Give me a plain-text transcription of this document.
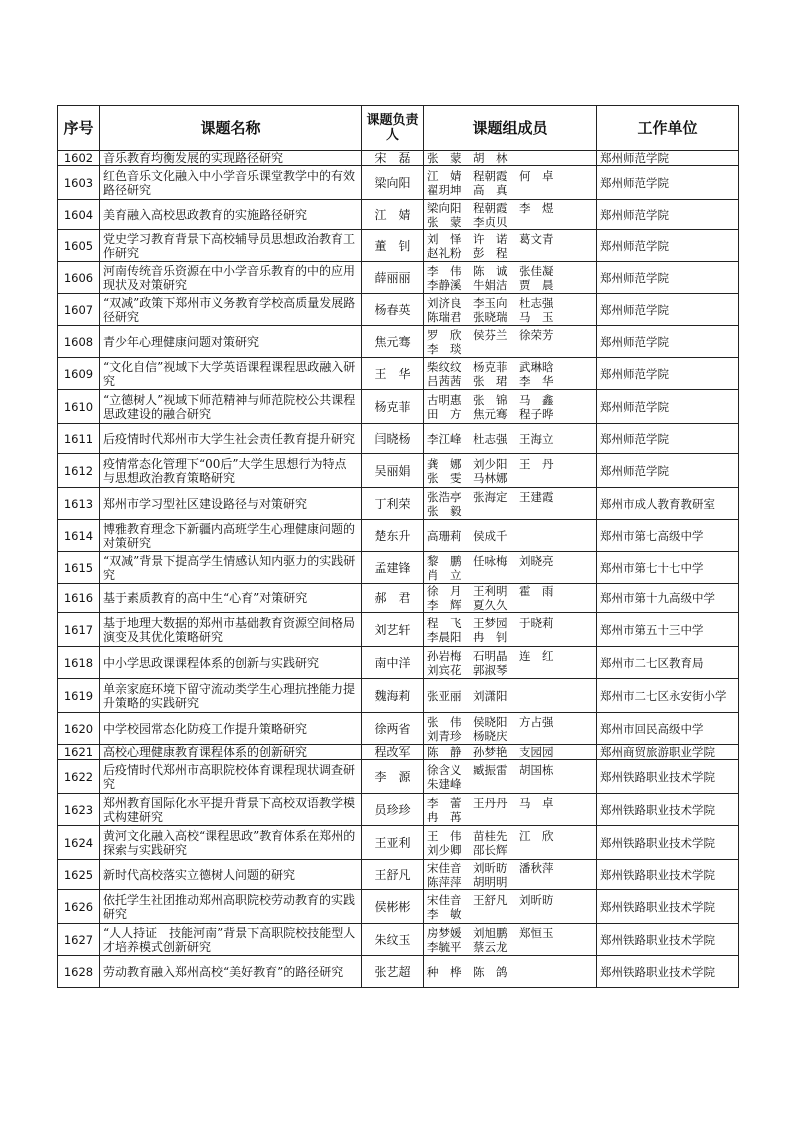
序号	课题名称	课题负责人	课题组成员	工作单位
1602	音乐教育均衡发展的实现路径研究	宋　磊	张　蒙　胡　林	郑州师范学院
1603	红色音乐文化融入中小学音乐课堂教学中的有效路径研究	梁向阳	江　婧　程朝霞　何　卓
翟玥坤　高　真	郑州师范学院
1604	美育融入高校思政教育的实施路径研究	江　婧	梁向阳　程朝霞　李　煜
张　蒙　李贞贝	郑州师范学院
1605	党史学习教育背景下高校辅导员思想政治教育工作研究	董　钊	刘　怿　许　诺　葛文青
赵礼粉　彭　程	郑州师范学院
1606	河南传统音乐资源在中小学音乐教育的中的应用现状及对策研究	薛丽丽	李　伟　陈　诚　张佳凝
李静溪　牛娟洁　贾　晨	郑州师范学院
1607	“双减”政策下郑州市义务教育学校高质量发展路径研究	杨春英	刘济良　李玉向　杜志强
陈瑞君　张晓瑞　马　玉	郑州师范学院
1608	青少年心理健康问题对策研究	焦元骞	罗　欣　侯芬兰　徐荣芳
李　琰	郑州师范学院
1609	“文化自信”视域下大学英语课程课程思政融入研究	王　华	柴纹纹　杨克菲　武琳晗
吕茜茜　张　珺　李　华	郑州师范学院
1610	“立德树人”视域下师范精神与师范院校公共课程思政建设的融合研究	杨克菲	古明惠　张　锦　马　鑫
田　方　焦元骞　程子晔	郑州师范学院
1611	后疫情时代郑州市大学生社会责任教育提升研究	闫晓杨	李江峰　杜志强　王海立	郑州师范学院
1612	疫情常态化管理下“00后”大学生思想行为特点与思想政治教育策略研究	吴丽娟	龚　娜　刘少阳　王　丹
张　雯　马林娜	郑州师范学院
1613	郑州市学习型社区建设路径与对策研究	丁利荣	张浩亭　张海定　王建霞
张　毅	郑州市成人教育教研室
1614	博雅教育理念下新疆内高班学生心理健康问题的对策研究	楚东升	高珊莉　侯成千	郑州市第七高级中学
1615	“双减”背景下提高学生情感认知内驱力的实践研究	孟建锋	黎　鹏　任咏梅　刘晓亮
肖　立	郑州市第七十七中学
1616	基于素质教育的高中生“心育”对策研究	郝　君	徐　月　王利明　霍　雨
李　辉　夏久久	郑州市第十九高级中学
1617	基于地理大数据的郑州市基础教育资源空间格局演变及其优化策略研究	刘艺轩	程　飞　王梦园　于晓莉
李晨阳　冉　钊	郑州市第五十三中学
1618	中小学思政课课程体系的创新与实践研究	南中洋	孙岩梅　石明晶　连　红
刘宾花　郭淑琴	郑州市二七区教育局
1619	单亲家庭环境下留守流动类学生心理抗挫能力提升策略的实践研究	魏海莉	张亚丽　刘潇阳	郑州市二七区永安街小学
1620	中学校园常态化防疫工作提升策略研究	徐两省	张　伟　侯晓阳　方占强
刘青珍　杨晓庆	郑州市回民高级中学
1621	高校心理健康教育课程体系的创新研究	程改军	陈　静　孙梦艳　支园园	郑州商贸旅游职业学院
1622	后疫情时代郑州市高职院校体育课程现状调查研究	李　源	徐含义　臧振雷　胡国栋
朱建峰	郑州铁路职业技术学院
1623	郑州教育国际化水平提升背景下高校双语教学模式构建研究	员珍珍	李　蕾　王丹丹　马　卓
冉　苒	郑州铁路职业技术学院
1624	黄河文化融入高校“课程思政”教育体系在郑州的探索与实践研究	王亚利	王　伟　苗桂先　江　欣
刘少卿　邵长辉	郑州铁路职业技术学院
1625	新时代高校落实立德树人问题的研究	王舒凡	宋佳音　刘昕昉　潘秋萍
陈萍萍　胡明明	郑州铁路职业技术学院
1626	依托学生社团推动郑州高职院校劳动教育的实践研究	侯彬彬	宋佳音　王舒凡　刘昕昉
李　敏	郑州铁路职业技术学院
1627	“人人持证　技能河南”背景下高职院校技能型人才培养模式创新研究	朱纹玉	房梦媛　刘旭鹏　郑恒玉
李毓平　蔡云龙	郑州铁路职业技术学院
1628	劳动教育融入郑州高校“美好教育”的路径研究	张艺超	种　桦　陈　鸽	郑州铁路职业技术学院
